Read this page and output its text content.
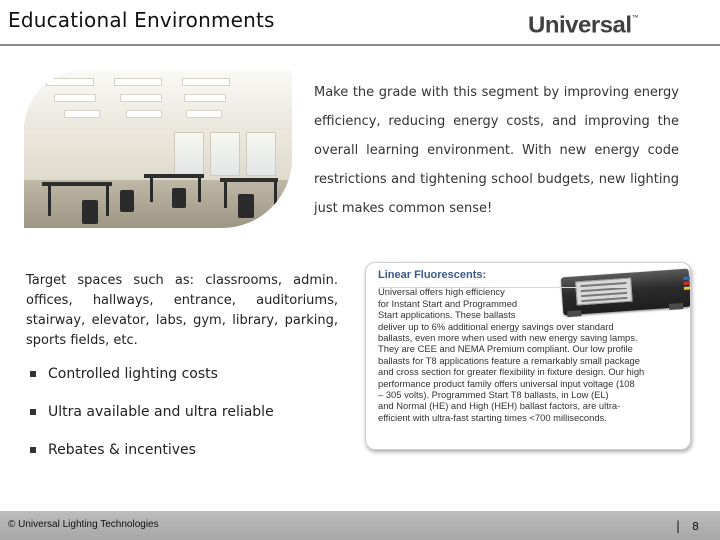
Educational Environments	Universal™

Make the grade with this segment by improving energy efficiency, reducing energy costs, and improving the overall learning environment. With new energy code restrictions and tightening school budgets, new lighting just makes common sense!

Target spaces such as: classrooms, admin. offices, hallways, entrance, auditoriums, stairway, elevator, labs, gym, library, parking, sports fields, etc.

Controlled lighting costs
Ultra available and ultra reliable
Rebates & incentives
Linear Fluorescents:
Universal offers high efficiency
for Instant Start and Programmed
Start applications. These ballasts
deliver up to 6% additional energy savings over standard
ballasts, even more when used with new energy saving lamps.
They are CEE and NEMA Premium compliant. Our low profile
ballasts for T8 applications feature a remarkably small package
and cross section for greater flexibility in fixture design. Our high
performance product family offers universal input voltage (108
– 305 volts). Programmed Start T8 ballasts, in Low (EL)
and Normal (HE) and High (HEH) ballast factors, are ultra-
efficient with ultra-fast starting times <700 milliseconds.
© Universal Lighting Technologies	| 8
